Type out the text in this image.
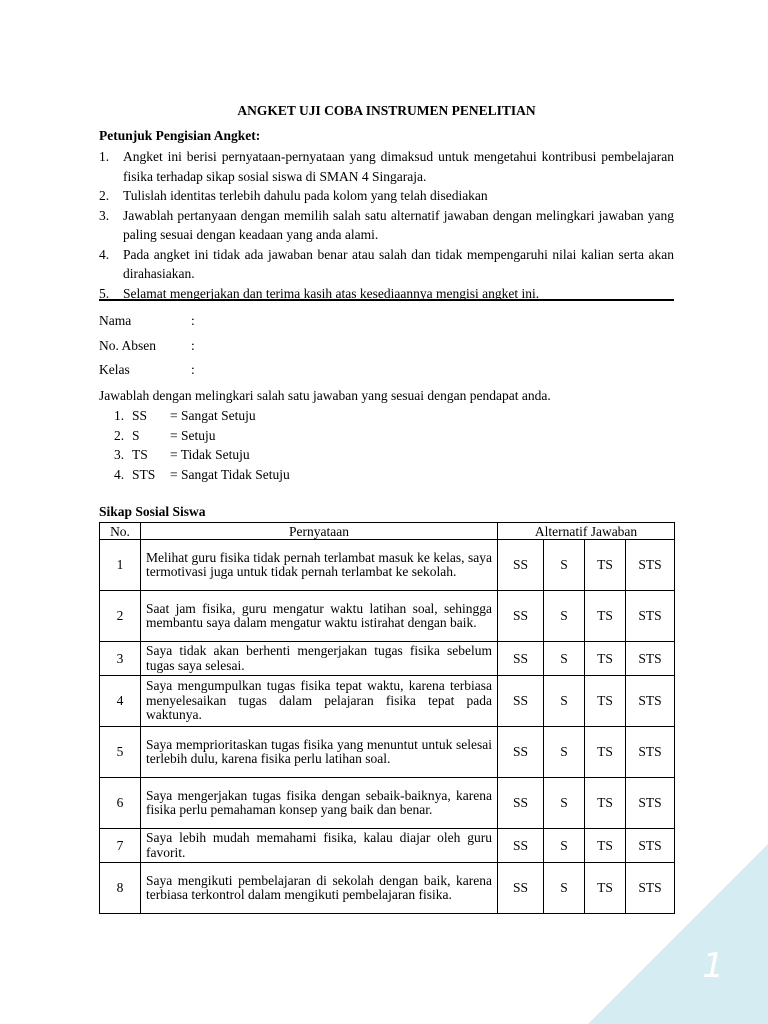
ANGKET UJI COBA INSTRUMEN PENELITIAN
Petunjuk Pengisian Angket:
1. Angket ini berisi pernyataan-pernyataan yang dimaksud untuk mengetahui kontribusi pembelajaran fisika terhadap sikap sosial siswa di SMAN 4 Singaraja.
2. Tulislah identitas terlebih dahulu pada kolom yang telah disediakan
3. Jawablah pertanyaan dengan memilih salah satu alternatif jawaban dengan melingkari jawaban yang paling sesuai dengan keadaan yang anda alami.
4. Pada angket ini tidak ada jawaban benar atau salah dan tidak mempengaruhi nilai kalian serta akan dirahasiakan.
5. Selamat mengerjakan dan terima kasih atas kesediaannya mengisi angket ini.
Nama	:
No. Absen	:
Kelas	:
Jawablah dengan melingkari salah satu jawaban yang sesuai dengan pendapat anda.
1. SS = Sangat Setuju
2. S = Setuju
3. TS = Tidak Setuju
4. STS = Sangat Tidak Setuju
Sikap Sosial Siswa
No.	Pernyataan	Alternatif Jawaban			
1	Melihat guru fisika tidak pernah terlambat masuk ke kelas, saya termotivasi juga untuk tidak pernah terlambat ke sekolah.	SS	S	TS	STS
2	Saat jam fisika, guru mengatur waktu latihan soal, sehingga membantu saya dalam mengatur waktu istirahat dengan baik.	SS	S	TS	STS
3	Saya tidak akan berhenti mengerjakan tugas fisika sebelum tugas saya selesai.	SS	S	TS	STS
4	Saya mengumpulkan tugas fisika tepat waktu, karena terbiasa menyelesaikan tugas dalam pelajaran fisika tepat pada waktunya.	SS	S	TS	STS
5	Saya memprioritaskan tugas fisika yang menuntut untuk selesai terlebih dulu, karena fisika perlu latihan soal.	SS	S	TS	STS
6	Saya mengerjakan tugas fisika dengan sebaik-baiknya, karena fisika perlu pemahaman konsep yang baik dan benar.	SS	S	TS	STS
7	Saya lebih mudah memahami fisika, kalau diajar oleh guru favorit.	SS	S	TS	STS
8	Saya mengikuti pembelajaran di sekolah dengan baik, karena terbiasa terkontrol dalam mengikuti pembelajaran fisika.	SS	S	TS	STS
1
